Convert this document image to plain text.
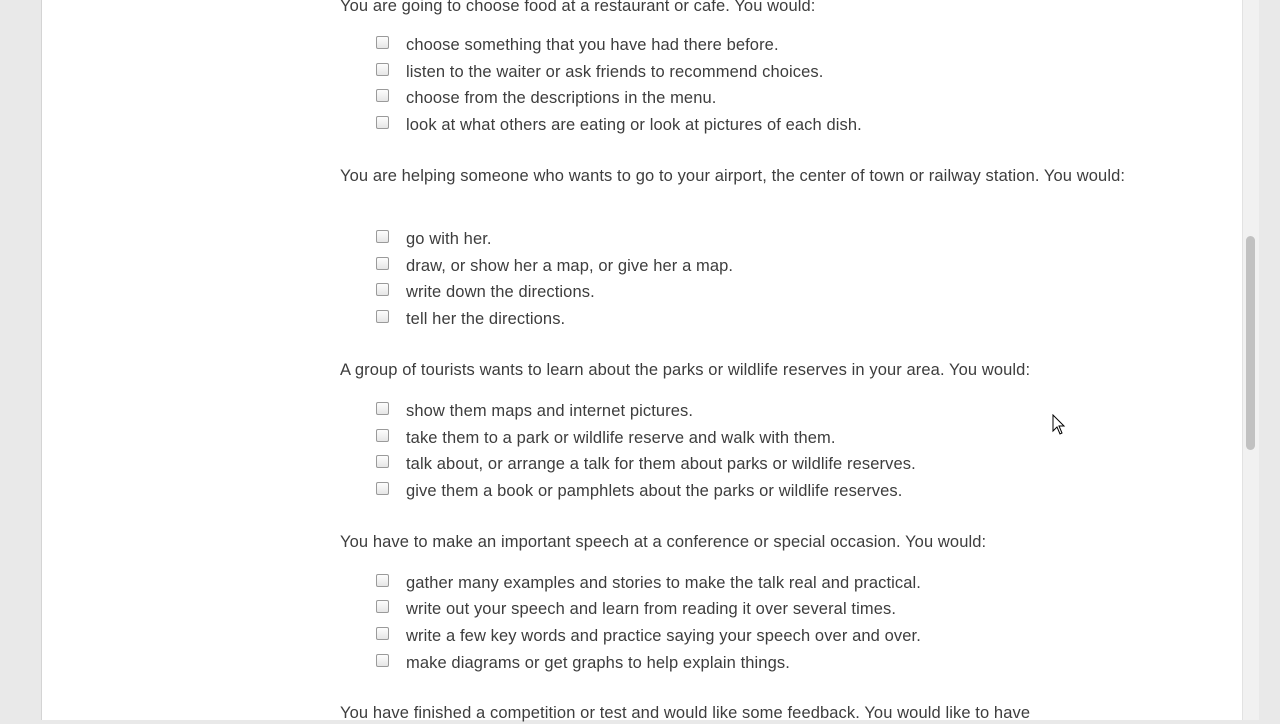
You are going to choose food at a restaurant or cafe. You would:
choose something that you have had there before.
listen to the waiter or ask friends to recommend choices.
choose from the descriptions in the menu.
look at what others are eating or look at pictures of each dish.
You are helping someone who wants to go to your airport, the center of town or railway station. You would:
go with her.
draw, or show her a map, or give her a map.
write down the directions.
tell her the directions.
A group of tourists wants to learn about the parks or wildlife reserves in your area. You would:
show them maps and internet pictures.
take them to a park or wildlife reserve and walk with them.
talk about, or arrange a talk for them about parks or wildlife reserves.
give them a book or pamphlets about the parks or wildlife reserves.
You have to make an important speech at a conference or special occasion. You would:
gather many examples and stories to make the talk real and practical.
write out your speech and learn from reading it over several times.
write a few key words and practice saying your speech over and over.
make diagrams or get graphs to help explain things.
You have finished a competition or test and would like some feedback. You would like to have
